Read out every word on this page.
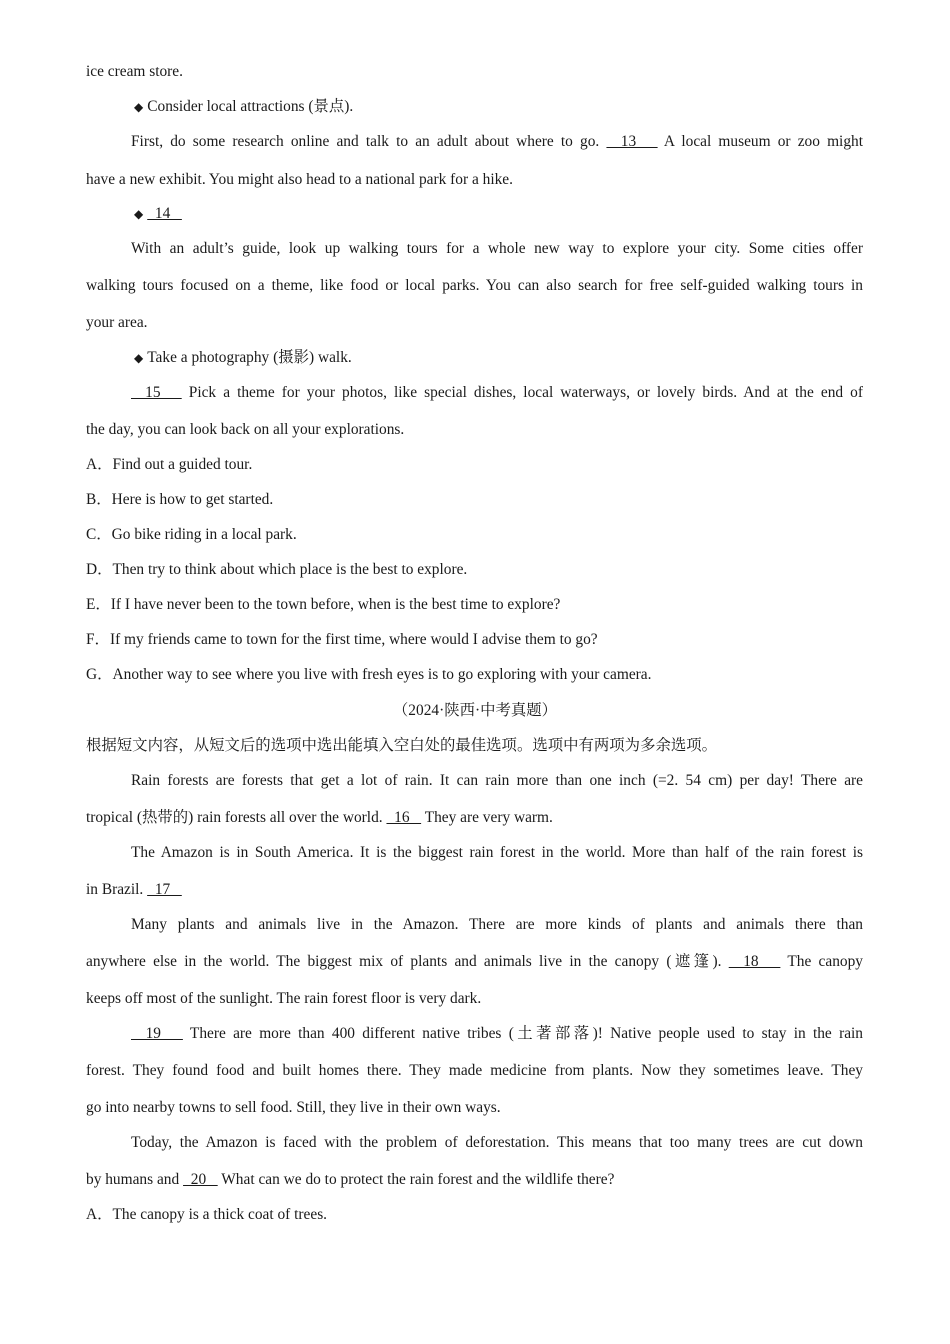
ice cream store.
◆ Consider local attractions (景点).
First, do some research online and talk to an adult about where to go.   13    A local museum or zoo might
have a new exhibit. You might also head to a national park for a hike.
◆  14
With an adult’s guide, look up walking tours for a whole new way to explore your city. Some cities offer
walking tours focused on a theme, like food or local parks. You can also search for free self-guided walking tours in
your area.
◆ Take a photography (摄影) walk.
15    Pick a theme for your photos, like special dishes, local waterways, or lovely birds. And at the end of
the day, you can look back on all your explorations.
A．Find out a guided tour.
B．Here is how to get started.
C．Go bike riding in a local park.
D．Then try to think about which place is the best to explore.
E．If I have never been to the town before, when is the best time to explore?
F．If my friends came to town for the first time, where would I advise them to go?
G．Another way to see where you live with fresh eyes is to go exploring with your camera.
（2024·陕西·中考真题）
根据短文内容，从短文后的选项中选出能填入空白处的最佳选项。选项中有两项为多余选项。
Rain forests are forests that get a lot of rain. It can rain more than one inch (=2. 54 cm) per day! There are
tropical (热带的) rain forests all over the world.   16    They are very warm.
The Amazon is in South America. It is the biggest rain forest in the world. More than half of the rain forest is
in Brazil.   17
Many plants and animals live in the Amazon. There are more kinds of plants and animals there than
anywhere else in the world. The biggest mix of plants and animals live in the canopy (遮篷).   18    The canopy
keeps off most of the sunlight. The rain forest floor is very dark.
19    There are more than 400 different native tribes (土著部落)! Native people used to stay in the rain
forest. They found food and built homes there. They made medicine from plants. Now they sometimes leave. They
go into nearby towns to sell food. Still, they live in their own ways.
Today, the Amazon is faced with the problem of deforestation. This means that too many trees are cut down
by humans and   20    What can we do to protect the rain forest and the wildlife there?
A．The canopy is a thick coat of trees.
